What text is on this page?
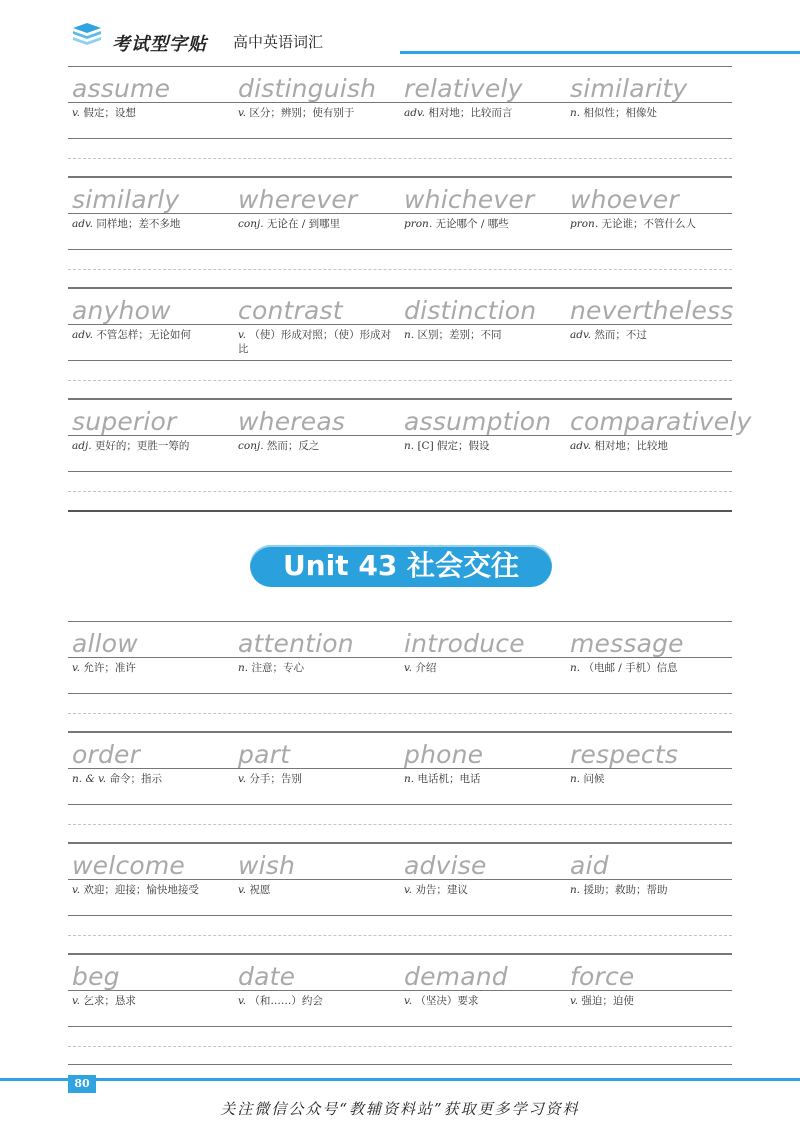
考试型字贴 高中英语词汇
assume
v. 假定；设想
distinguish
v. 区分；辨别；使有别于
relatively
adv. 相对地；比较而言
similarity
n. 相似性；相像处
similarly
adv. 同样地；差不多地
wherever
conj. 无论在 / 到哪里
whichever
pron. 无论哪个 / 哪些
whoever
pron. 无论谁；不管什么人
anyhow
adv. 不管怎样；无论如何
contrast
v. （使）形成对照；（使）形成对比
distinction
n. 区别；差别；不同
nevertheless
adv. 然而；不过
superior
adj. 更好的；更胜一筹的
whereas
conj. 然而；反之
assumption
n. [C] 假定；假设
comparatively
adv. 相对地；比较地
Unit 43 社会交往
allow
v. 允许；准许
attention
n. 注意；专心
introduce
v. 介绍
message
n. （电邮 / 手机）信息
order
n. & v. 命令；指示
part
v. 分手；告别
phone
n. 电话机；电话
respects
n. 问候
welcome
v. 欢迎；迎接；愉快地接受
wish
v. 祝愿
advise
v. 劝告；建议
aid
n. 援助；救助；帮助
beg
v. 乞求；恳求
date
v. （和……）约会
demand
v. （坚决）要求
force
v. 强迫；迫使
80
关注微信公众号“教辅资料站”获取更多学习资料
